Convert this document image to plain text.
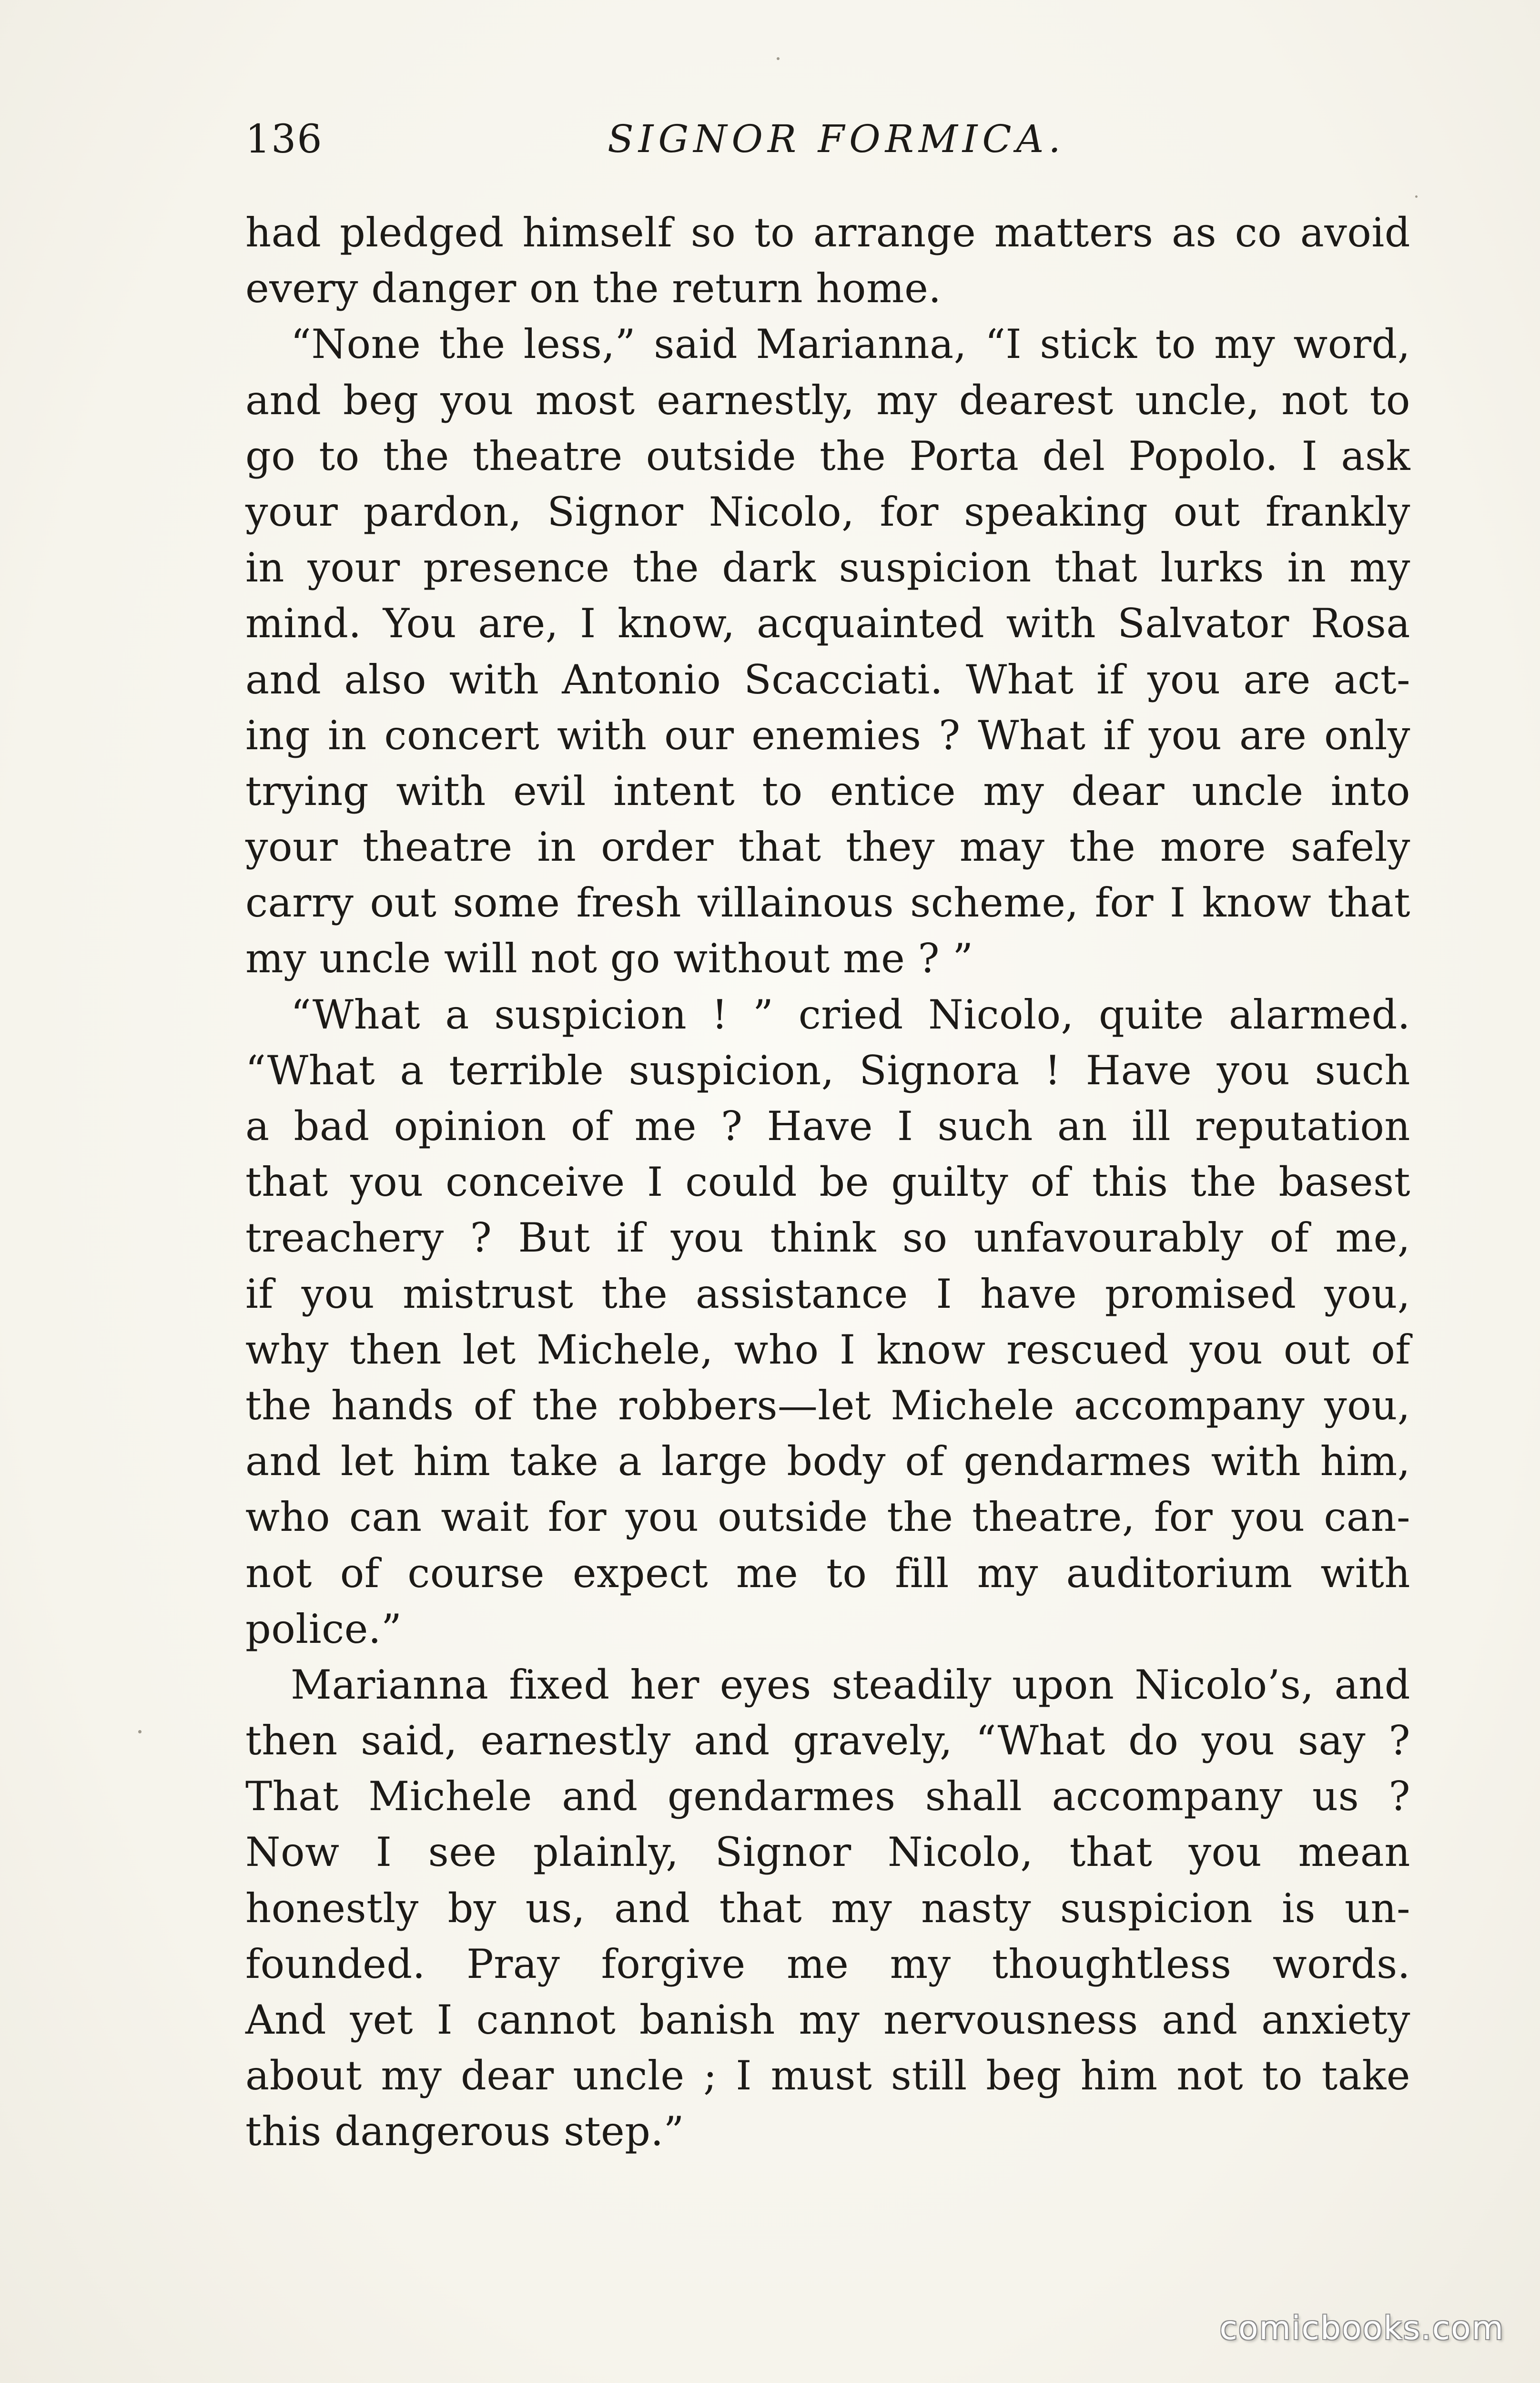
136	SIGNOR FORMICA.
had pledged himself so to arrange matters as co avoid
every danger on the return home.
“None the less,” said Marianna, “I stick to my word,
and beg you most earnestly, my dearest uncle, not to
go to the theatre outside the Porta del Popolo. I ask
your pardon, Signor Nicolo, for speaking out frankly
in your presence the dark suspicion that lurks in my
mind. You are, I know, acquainted with Salvator Rosa
and also with Antonio Scacciati. What if you are act-
ing in concert with our enemies ? What if you are only
trying with evil intent to entice my dear uncle into
your theatre in order that they may the more safely
carry out some fresh villainous scheme, for I know that
my uncle will not go without me ? ”
“What a suspicion ! ” cried Nicolo, quite alarmed.
“What a terrible suspicion, Signora ! Have you such
a bad opinion of me ? Have I such an ill reputation
that you conceive I could be guilty of this the basest
treachery ? But if you think so unfavourably of me,
if you mistrust the assistance I have promised you,
why then let Michele, who I know rescued you out of
the hands of the robbers—let Michele accompany you,
and let him take a large body of gendarmes with him,
who can wait for you outside the theatre, for you can-
not of course expect me to fill my auditorium with
police.”
Marianna fixed her eyes steadily upon Nicolo’s, and
then said, earnestly and gravely, “What do you say ?
That Michele and gendarmes shall accompany us ?
Now I see plainly, Signor Nicolo, that you mean
honestly by us, and that my nasty suspicion is un-
founded. Pray forgive me my thoughtless words.
And yet I cannot banish my nervousness and anxiety
about my dear uncle ; I must still beg him not to take
this dangerous step.”
comicbooks.com
